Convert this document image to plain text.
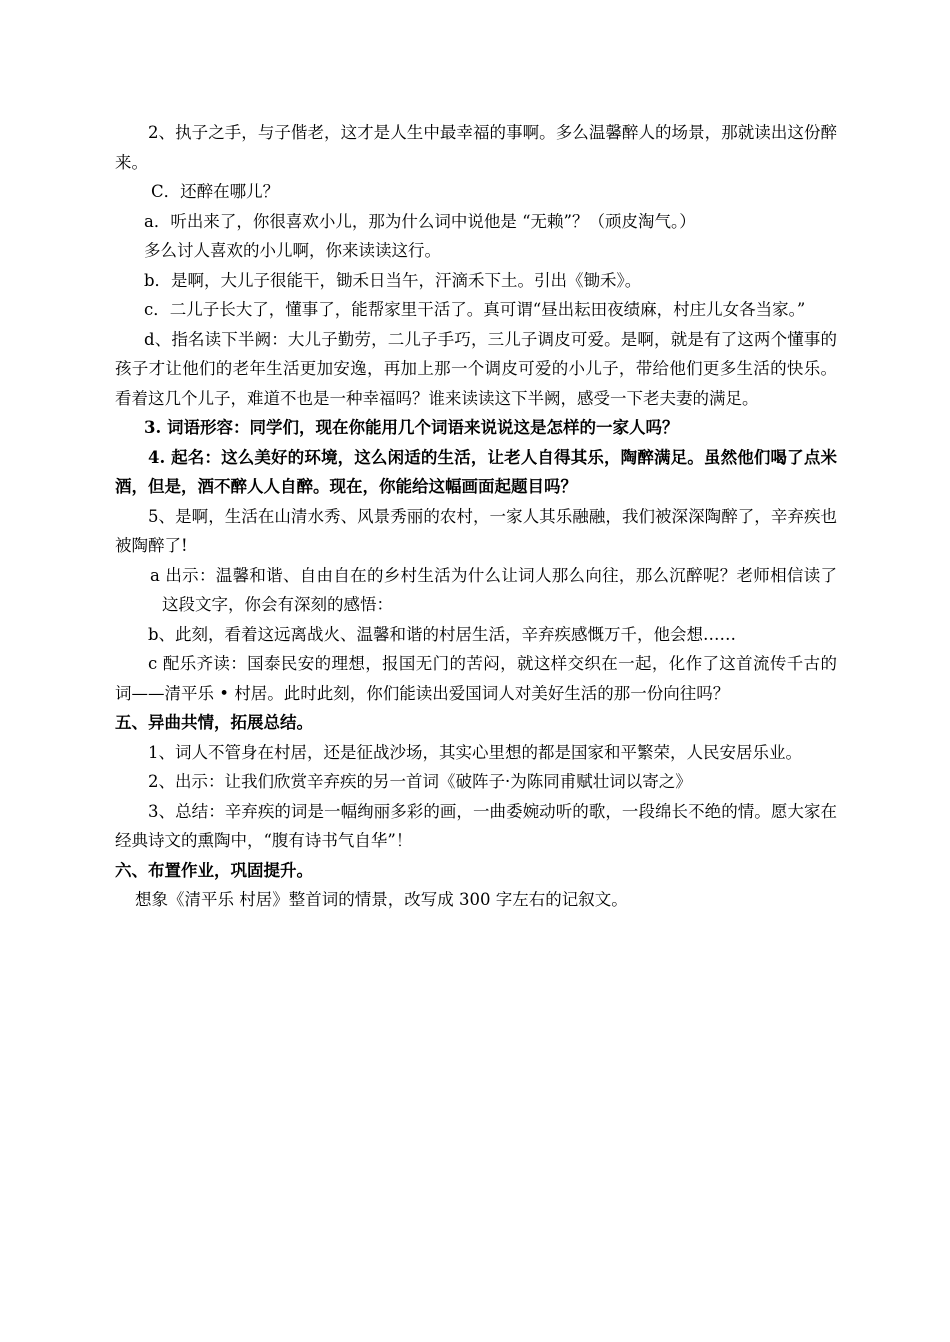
2、执子之手，与子偕老，这才是人生中最幸福的事啊。多么温馨醉人的场景，那就读出这份醉来。

C．还醉在哪儿？

a．听出来了，你很喜欢小儿，那为什么词中说他是 “无赖”？（顽皮淘气。）

多么讨人喜欢的小儿啊，你来读读这行。

b．是啊，大儿子很能干，锄禾日当午，汗滴禾下土。引出《锄禾》。

c．二儿子长大了，懂事了，能帮家里干活了。真可谓“昼出耘田夜绩麻，村庄儿女各当家。”

d、指名读下半阙：大儿子勤劳，二儿子手巧，三儿子调皮可爱。是啊，就是有了这两个懂事的孩子才让他们的老年生活更加安逸，再加上那一个调皮可爱的小儿子，带给他们更多生活的快乐。看着这几个儿子，难道不也是一种幸福吗？谁来读读这下半阙，感受一下老夫妻的满足。

3. 词语形容：同学们，现在你能用几个词语来说说这是怎样的一家人吗？

4. 起名：这么美好的环境，这么闲适的生活，让老人自得其乐，陶醉满足。虽然他们喝了点米酒，但是，酒不醉人人自醉。现在，你能给这幅画面起题目吗？

5、是啊，生活在山清水秀、风景秀丽的农村，一家人其乐融融，我们被深深陶醉了，辛弃疾也被陶醉了!

a 出示：温馨和谐、自由自在的乡村生活为什么让词人那么向往，那么沉醉呢？老师相信读了这段文字，你会有深刻的感悟：

b、此刻，看着这远离战火、温馨和谐的村居生活，辛弃疾感慨万千，他会想……

c 配乐齐读：国泰民安的理想，报国无门的苦闷，就这样交织在一起，化作了这首流传千古的词——清平乐 • 村居。此时此刻，你们能读出爱国词人对美好生活的那一份向往吗？

五、异曲共情，拓展总结。

1、词人不管身在村居，还是征战沙场，其实心里想的都是国家和平繁荣，人民安居乐业。

2、出示：让我们欣赏辛弃疾的另一首词《破阵子·为陈同甫赋壮词以寄之》

3、总结：辛弃疾的词是一幅绚丽多彩的画，一曲委婉动听的歌，一段绵长不绝的情。愿大家在经典诗文的熏陶中，“腹有诗书气自华”！

六、布置作业，巩固提升。

想象《清平乐 村居》整首词的情景，改写成 300 字左右的记叙文。
